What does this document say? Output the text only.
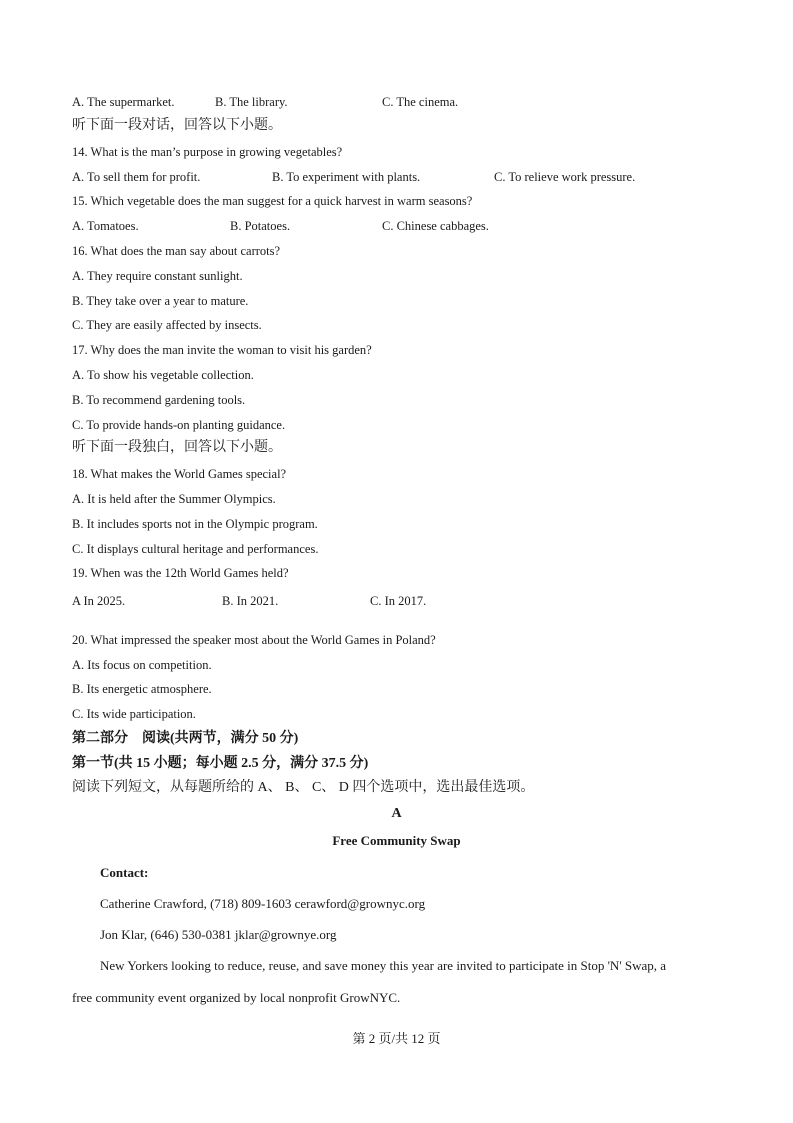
A. The supermarket.	B. The library.	C. The cinema.
听下面一段对话，回答以下小题。
14. What is the man’s purpose in growing vegetables?
A. To sell them for profit.	B. To experiment with plants.	C. To relieve work pressure.
15. Which vegetable does the man suggest for a quick harvest in warm seasons?
A. Tomatoes.	B. Potatoes.	C. Chinese cabbages.
16. What does the man say about carrots?
A. They require constant sunlight.
B. They take over a year to mature.
C. They are easily affected by insects.
17. Why does the man invite the woman to visit his garden?
A. To show his vegetable collection.
B. To recommend gardening tools.
C. To provide hands-on planting guidance.
听下面一段独白，回答以下小题。
18. What makes the World Games special?
A. It is held after the Summer Olympics.
B. It includes sports not in the Olympic program.
C. It displays cultural heritage and performances.
19. When was the 12th World Games held?
A In 2025.	B. In 2021.	C. In 2017.
20. What impressed the speaker most about the World Games in Poland?
A. Its focus on competition.
B. Its energetic atmosphere.
C. Its wide participation.
第二部分 阅读(共两节，满分 50 分)
第一节(共 15 小题；每小题 2.5 分，满分 37.5 分)
阅读下列短文，从每题所给的 A、 B、 C、 D 四个选项中，选出最佳选项。
A
Free Community Swap
Contact:
Catherine Crawford, (718) 809-1603 cerawford@grownyc.org
Jon Klar, (646) 530-0381 jklar@grownye.org
New Yorkers looking to reduce, reuse, and save money this year are invited to participate in Stop 'N' Swap, a
free community event organized by local nonprofit GrowNYC.
第 2 页/共 12 页
